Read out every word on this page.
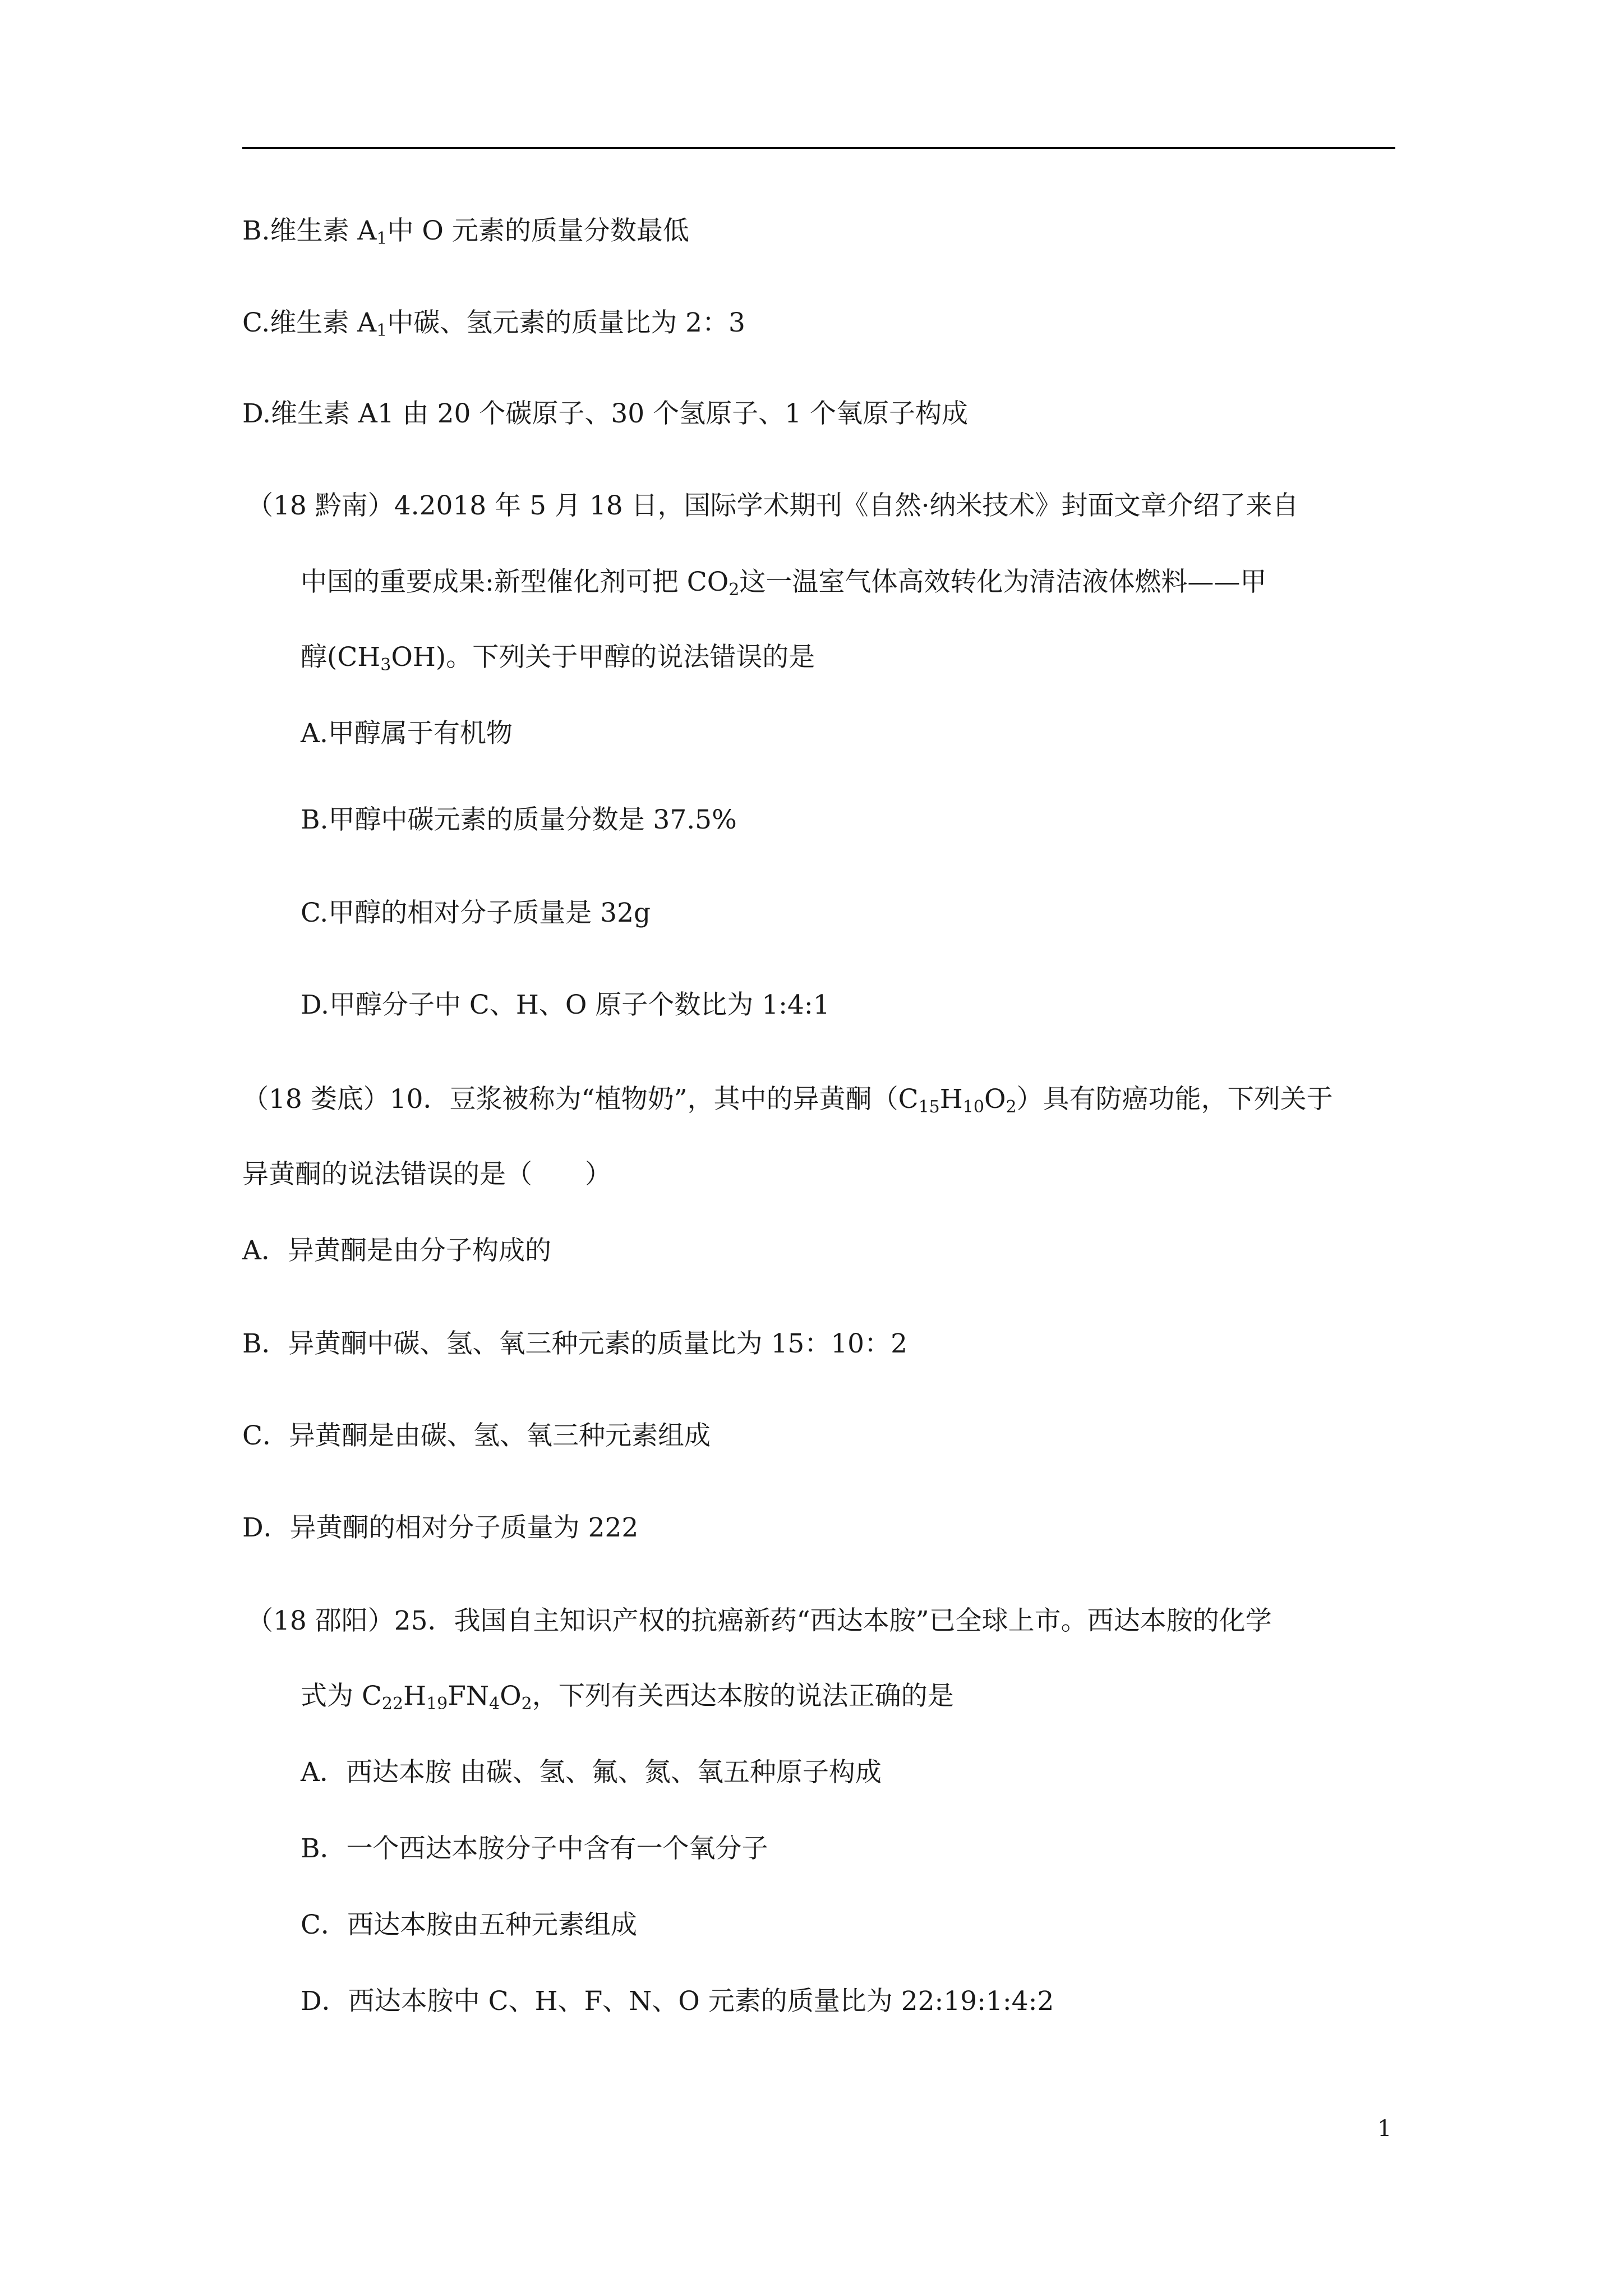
B.维生素 $A_1$中 O 元素的质量分数最低
C.维生素 $A_1$中碳、氢元素的质量比为 2：3
D.维生素 A1 由 20 个碳原子、30 个氢原子、1 个氧原子构成
（18 黔南）4.2018 年 5 月 18 日，国际学术期刊《自然·纳米技术》封面文章介绍了来自
中国的重要成果:新型催化剂可把 $CO_2$这一温室气体高效转化为清洁液体燃料——甲
醇$(CH_3OH)$。下列关于甲醇的说法错误的是
A.甲醇属于有机物
B.甲醇中碳元素的质量分数是 37.5%
C.甲醇的相对分子质量是 32g
D.甲醇分子中 C、H、O 原子个数比为 1:4:1
（18 娄底）10．豆浆被称为“植物奶”，其中的异黄酮$(C_{15}H_{10}O_2)$具有防癌功能，下列关于
异黄酮的说法错误的是（　　）
A．异黄酮是由分子构成的
B．异黄酮中碳、氢、氧三种元素的质量比为 15：10：2
C．异黄酮是由碳、氢、氧三种元素组成
D．异黄酮的相对分子质量为 222
（18 邵阳）25．我国自主知识产权的抗癌新药“西达本胺”已全球上市。西达本胺的化学
式为 $C_{22}H_{19}FN_4O_2$，下列有关西达本胺的说法正确的是
A．西达本胺 由碳、氢、氟、氮、氧五种原子构成
B．一个西达本胺分子中含有一个氧分子
C．西达本胺由五种元素组成
D．西达本胺中 C、H、F、N、O 元素的质量比为 22:19:1:4:2
1
